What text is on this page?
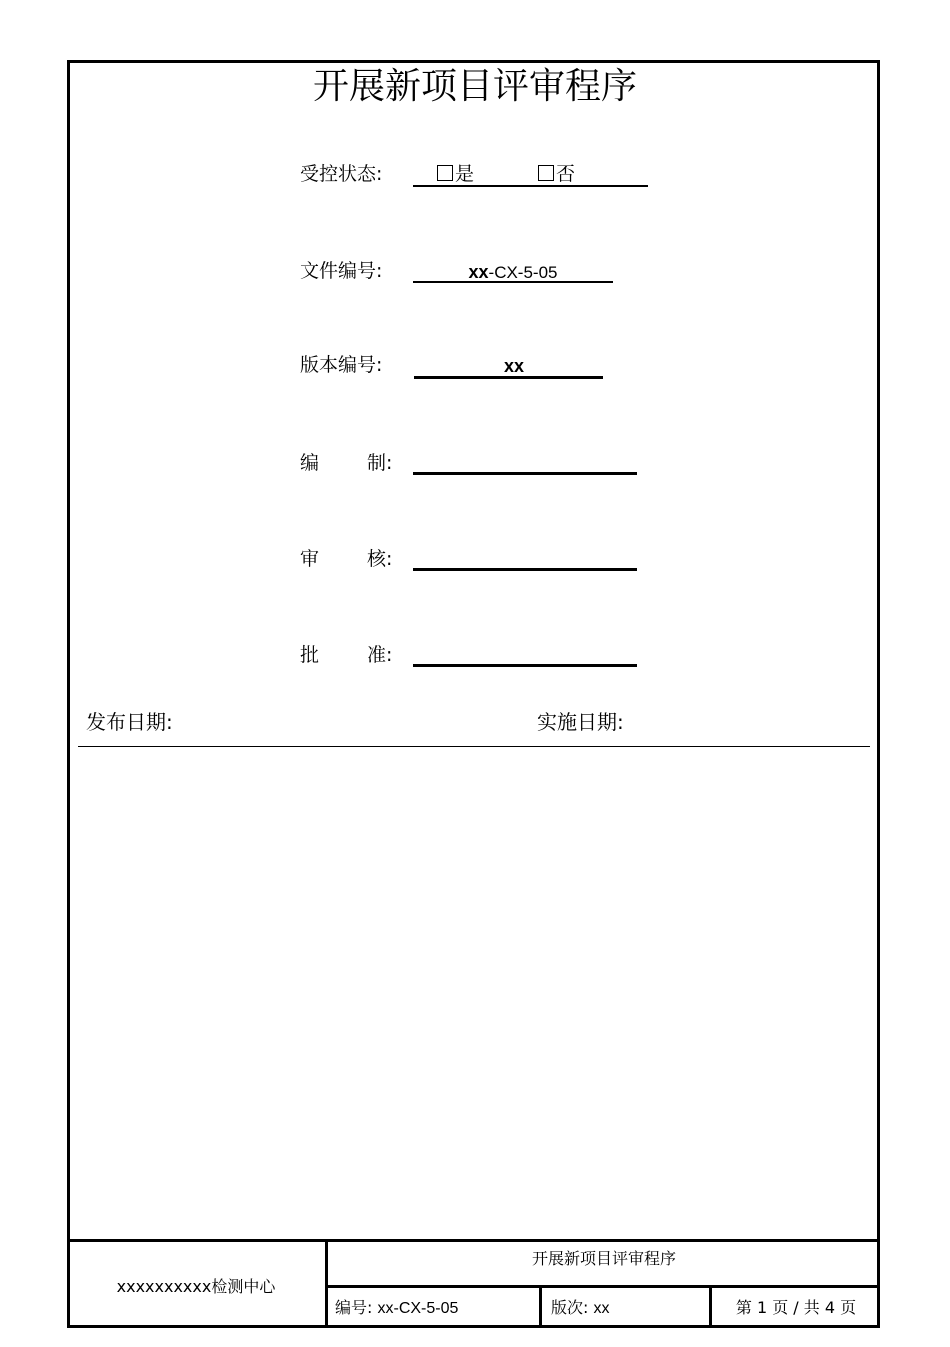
开展新项目评审程序
受控状态:	是	否
文件编号:	xx-CX-5-05
版本编号:	xx
编	制:
审	核:
批	准:
发布日期:	实施日期:
xxxxxxxxxx检测中心
开展新项目评审程序
编号: xx-CX-5-05	版次: xx	第 1 页 / 共 4 页
